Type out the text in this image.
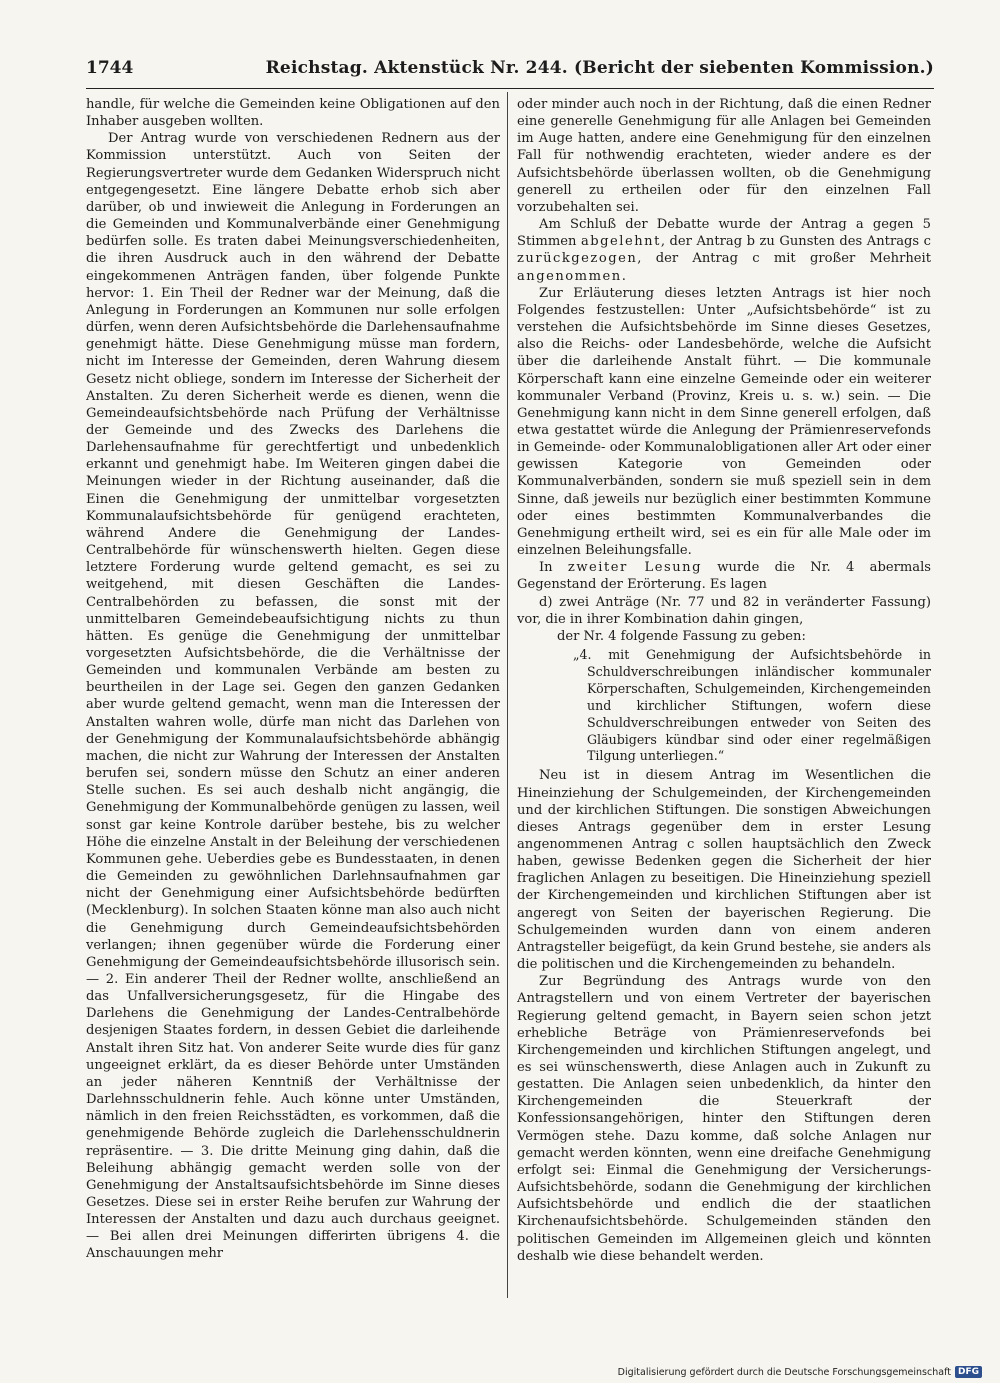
1744	Reichstag. Aktenstück Nr. 244. (Bericht der siebenten Kommission.)

handle, für welche die Gemeinden keine Obligationen auf den Inhaber ausgeben wollten.

Der Antrag wurde von verschiedenen Rednern aus der Kommission unterstützt. Auch von Seiten der Regierungsvertreter wurde dem Gedanken Widerspruch nicht entgegengesetzt. Eine längere Debatte erhob sich aber darüber, ob und inwieweit die Anlegung in Forderungen an die Gemeinden und Kommunalverbände einer Genehmigung bedürfen solle. Es traten dabei Meinungsverschiedenheiten, die ihren Ausdruck auch in den während der Debatte eingekommenen Anträgen fanden, über folgende Punkte hervor: 1. Ein Theil der Redner war der Meinung, daß die Anlegung in Forderungen an Kommunen nur solle erfolgen dürfen, wenn deren Aufsichtsbehörde die Darlehensaufnahme genehmigt hätte. Diese Genehmigung müsse man fordern, nicht im Interesse der Gemeinden, deren Wahrung diesem Gesetz nicht obliege, sondern im Interesse der Sicherheit der Anstalten. Zu deren Sicherheit werde es dienen, wenn die Gemeindeaufsichtsbehörde nach Prüfung der Verhältnisse der Gemeinde und des Zwecks des Darlehens die Darlehensaufnahme für gerechtfertigt und unbedenklich erkannt und genehmigt habe. Im Weiteren gingen dabei die Meinungen wieder in der Richtung auseinander, daß die Einen die Genehmigung der unmittelbar vorgesetzten Kommunalaufsichtsbehörde für genügend erachteten, während Andere die Genehmigung der Landes-Centralbehörde für wünschenswerth hielten. Gegen diese letztere Forderung wurde geltend gemacht, es sei zu weitgehend, mit diesen Geschäften die Landes-Centralbehörden zu befassen, die sonst mit der unmittelbaren Gemeindebeaufsichtigung nichts zu thun hätten. Es genüge die Genehmigung der unmittelbar vorgesetzten Aufsichtsbehörde, die die Verhältnisse der Gemeinden und kommunalen Verbände am besten zu beurtheilen in der Lage sei. Gegen den ganzen Gedanken aber wurde geltend gemacht, wenn man die Interessen der Anstalten wahren wolle, dürfe man nicht das Darlehen von der Genehmigung der Kommunalaufsichtsbehörde abhängig machen, die nicht zur Wahrung der Interessen der Anstalten berufen sei, sondern müsse den Schutz an einer anderen Stelle suchen. Es sei auch deshalb nicht angängig, die Genehmigung der Kommunalbehörde genügen zu lassen, weil sonst gar keine Kontrole darüber bestehe, bis zu welcher Höhe die einzelne Anstalt in der Beleihung der verschiedenen Kommunen gehe. Ueberdies gebe es Bundesstaaten, in denen die Gemeinden zu gewöhnlichen Darlehnsaufnahmen gar nicht der Genehmigung einer Aufsichtsbehörde bedürften (Mecklenburg). In solchen Staaten könne man also auch nicht die Genehmigung durch Gemeindeaufsichtsbehörden verlangen; ihnen gegenüber würde die Forderung einer Genehmigung der Gemeindeaufsichtsbehörde illusorisch sein. — 2. Ein anderer Theil der Redner wollte, anschließend an das Unfallversicherungsgesetz, für die Hingabe des Darlehens die Genehmigung der Landes-Centralbehörde desjenigen Staates fordern, in dessen Gebiet die darleihende Anstalt ihren Sitz hat. Von anderer Seite wurde dies für ganz ungeeignet erklärt, da es dieser Behörde unter Umständen an jeder näheren Kenntniß der Verhältnisse der Darlehnsschuldnerin fehle. Auch könne unter Umständen, nämlich in den freien Reichsstädten, es vorkommen, daß die genehmigende Behörde zugleich die Darlehensschuldnerin repräsentire. — 3. Die dritte Meinung ging dahin, daß die Beleihung abhängig gemacht werden solle von der Genehmigung der Anstaltsaufsichtsbehörde im Sinne dieses Gesetzes. Diese sei in erster Reihe berufen zur Wahrung der Interessen der Anstalten und dazu auch durchaus geeignet. — Bei allen drei Meinungen differirten übrigens 4. die Anschauungen mehr

oder minder auch noch in der Richtung, daß die einen Redner eine generelle Genehmigung für alle Anlagen bei Gemeinden im Auge hatten, andere eine Genehmigung für den einzelnen Fall für nothwendig erachteten, wieder andere es der Aufsichtsbehörde überlassen wollten, ob die Genehmigung generell zu ertheilen oder für den einzelnen Fall vorzubehalten sei.

Am Schluß der Debatte wurde der Antrag a gegen 5 Stimmen abgelehnt, der Antrag b zu Gunsten des Antrags c zurückgezogen, der Antrag c mit großer Mehrheit angenommen.

Zur Erläuterung dieses letzten Antrags ist hier noch Folgendes festzustellen: Unter „Aufsichtsbehörde“ ist zu verstehen die Aufsichtsbehörde im Sinne dieses Gesetzes, also die Reichs- oder Landesbehörde, welche die Aufsicht über die darleihende Anstalt führt. — Die kommunale Körperschaft kann eine einzelne Gemeinde oder ein weiterer kommunaler Verband (Provinz, Kreis u. s. w.) sein. — Die Genehmigung kann nicht in dem Sinne generell erfolgen, daß etwa gestattet würde die Anlegung der Prämienreservefonds in Gemeinde- oder Kommunalobligationen aller Art oder einer gewissen Kategorie von Gemeinden oder Kommunalverbänden, sondern sie muß speziell sein in dem Sinne, daß jeweils nur bezüglich einer bestimmten Kommune oder eines bestimmten Kommunalverbandes die Genehmigung ertheilt wird, sei es ein für alle Male oder im einzelnen Beleihungsfalle.

In zweiter Lesung wurde die Nr. 4 abermals Gegenstand der Erörterung. Es lagen

d) zwei Anträge (Nr. 77 und 82 in veränderter Fassung) vor, die in ihrer Kombination dahin gingen,

der Nr. 4 folgende Fassung zu geben:

„4. mit Genehmigung der Aufsichtsbehörde in Schuldverschreibungen inländischer kommunaler Körperschaften, Schulgemeinden, Kirchengemeinden und kirchlicher Stiftungen, wofern diese Schuldverschreibungen entweder von Seiten des Gläubigers kündbar sind oder einer regelmäßigen Tilgung unterliegen.“

Neu ist in diesem Antrag im Wesentlichen die Hineinziehung der Schulgemeinden, der Kirchengemeinden und der kirchlichen Stiftungen. Die sonstigen Abweichungen dieses Antrags gegenüber dem in erster Lesung angenommenen Antrag c sollen hauptsächlich den Zweck haben, gewisse Bedenken gegen die Sicherheit der hier fraglichen Anlagen zu beseitigen. Die Hineinziehung speziell der Kirchengemeinden und kirchlichen Stiftungen aber ist angeregt von Seiten der bayerischen Regierung. Die Schulgemeinden wurden dann von einem anderen Antragsteller beigefügt, da kein Grund bestehe, sie anders als die politischen und die Kirchengemeinden zu behandeln.

Zur Begründung des Antrags wurde von den Antragstellern und von einem Vertreter der bayerischen Regierung geltend gemacht, in Bayern seien schon jetzt erhebliche Beträge von Prämienreservefonds bei Kirchengemeinden und kirchlichen Stiftungen angelegt, und es sei wünschenswerth, diese Anlagen auch in Zukunft zu gestatten. Die Anlagen seien unbedenklich, da hinter den Kirchengemeinden die Steuerkraft der Konfessionsangehörigen, hinter den Stiftungen deren Vermögen stehe. Dazu komme, daß solche Anlagen nur gemacht werden könnten, wenn eine dreifache Genehmigung erfolgt sei: Einmal die Genehmigung der Versicherungs-Aufsichtsbehörde, sodann die Genehmigung der kirchlichen Aufsichtsbehörde und endlich die der staatlichen Kirchenaufsichtsbehörde. Schulgemeinden ständen den politischen Gemeinden im Allgemeinen gleich und könnten deshalb wie diese behandelt werden.

Digitalisierung gefördert durch die Deutsche Forschungsgemeinschaft DFG
